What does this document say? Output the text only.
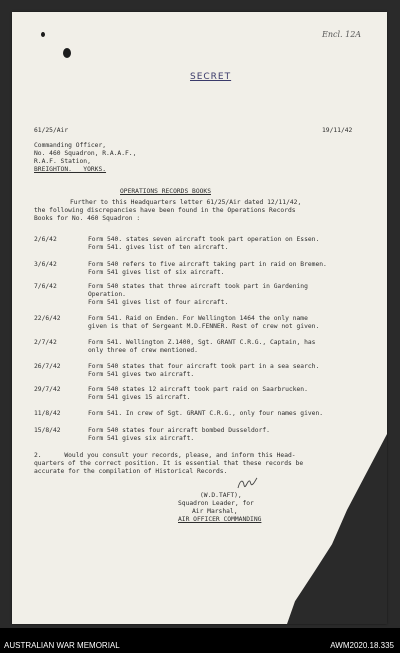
Encl. 12A
SECRET
61/25/Air	19/11/42
Commanding Officer,
No. 460 Squadron, R.A.A.F.,
R.A.F. Station,
BREIGHTON.   YORKS.
OPERATIONS RECORDS BOOKS
Further to this Headquarters letter 61/25/Air dated 12/11/42,
the following discrepancies have been found in the Operations Records
Books for No. 460 Squadron :
2/6/42	Form 540. states seven aircraft took part operation on Essen.
Form 541. gives list of ten aircraft.
3/6/42	Form 540 refers to five aircraft taking part in raid on Bremen.
Form 541 gives list of six aircraft.
7/6/42	Form 540 states that three aircraft took part in Gardening
Operation.
Form 541 gives list of four aircraft.
22/6/42	Form 541. Raid on Emden. For Wellington 1464 the only name
given is that of Sergeant M.D.FENNER. Rest of crew not given.
2/7/42	Form 541. Wellington Z.1400, Sgt. GRANT C.R.G., Captain, has
only three of crew mentioned.
26/7/42	Form 540 states that four aircraft took part in a sea search.
Form 541 gives two aircraft.
29/7/42	Form 540 states 12 aircraft took part raid on Saarbrucken.
Form 541 gives 15 aircraft.
11/8/42	Form 541. In crew of Sgt. GRANT C.R.G., only four names given.
15/8/42	Form 540 states four aircraft bombed Dusseldorf.
Form 541 gives six aircraft.
2.      Would you consult your records, please, and inform this Head-
quarters of the correct position. It is essential that these records be
accurate for the compilation of Historical Records.
(W.D.TAFT),
Squadron Leader, for
Air Marshal,
AIR OFFICER COMMANDING
AUSTRALIAN WAR MEMORIAL	AWM2020.18.335
